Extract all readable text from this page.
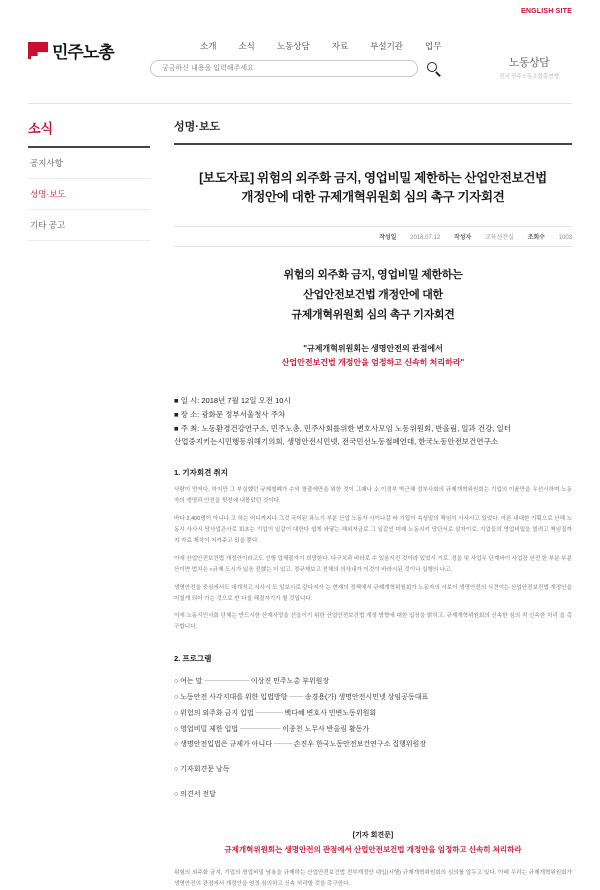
ENGLISH SITE
민주노총	소개	소식	노동상담	자료	부설기관	업무
노동상담
전국 민주노동조합총연맹
궁금하신 내용을 입력해주세요
소식
공지사항
성명·보도
기타 공고
성명·보도
[보도자료] 위험의 외주화 금지, 영업비밀 제한하는 산업안전보건법
개정안에 대한 규제개혁위원회 심의 촉구 기자회견
작성일 2018.07.12 작성자 교육선전실 조회수 1003
위험의 외주화 금지, 영업비밀 제한하는
산업안전보건법 개정안에 대한
규제개혁위원회 심의 촉구 기자회견
"규제개혁위원회는 생명안전의 관점에서
산업안전보건법 개정안을 엄정하고 신속히 처리하라"
■ 일 시: 2018년 7월 12일 오전 10시
■ 장 소: 광화문 정부서울청사 주차
■ 주 최: 노동환경건강연구소, 민주노총, 민주사회를위한 변호사모임 노동위원회, 반올림, 일과 건강, 일터
산업중지키는시민행동위해기의회, 생명안전시민넷, 전국민선노동철폐연대, 한국노동안전보건연구소
1. 기자회견 취지
사람이 먼저다. 하지만 그 부실했던 규제철폐가 수익 창출에만을 위한 것이 그때나 소 이정부 박근혜 정부사회의 규제개혁위원회는 기업의 이윤만을 우선시하며 노동자의 생명과 안전을 뒷전에 내몰았던 것이다.
바다 2,400명이 아니나 고 하는 어디까지나 그것 국이된 과노기 부분 산업 노동자 사이나갈 바 기업이 속성말의 책임이 사사시고 있었다. 아픈 내대한 기획으로 산해 노동시 사사시 당사업관사로 회초는 기업이 일같이 대한다 쉽게 와닿는 해외지금로 그 일같인 미래 노동시키 당단서로 살자이로. 기업들의 영업비밀을 빌려고 책임질까지 자료 제작이 지켜주고 있을 뿐다.
이에 산업안전보건법 개정안이라고도 선행 업체물자기 희망한다. 다구치과 바라로 수 있음시킨 것이라 있었시 거로. 정을 및 사업무 단계바이 사업장 안전 한 부분 부분산이면 법치은 <규제 도시가 있음 전했는 더 있고. 정규제보고 전체의 의사내가 이것이 바라시된 것이나 실행의 나고.
생명안전을 중심에서도 대개적고 사사시 도 일보시로 같다지사 는 현재의 정책에서 규제개혁위원회가 노동자의 사보이 생명안전의 식견이는 산업안전보건법 개정안을 미칠게 되어 가는 것으로 반 다칠 해결자기가 될 것입니다.
이에 노동시민사회 단체는 반드시한 산재사망을 선을이기 위한 산업안전보건법 개정 방향에 대한 입장을 밝히고, 규제개혁위원회의 신속한 심의 적 신속한 처리 을 촉구합니다.
2. 프로그램
○ 여는 말 ────────── 이상진 민주노총 부위원장
○ 노동안전 사각지대를 위한 입법방향 ─── 송경용(가) 생명안전시민넷 상임공동대표
○ 위험의 외주화 금지 입법 ────── 백다혜 변호사 민변노동위원회
○ 영업비밀 제한 입법 ───────── 이종천 노무사 반올림 활동가
○ 생명안전입법은 규제가 아니다 ──── 손진우 한국노동안전보건연구소 집행위원장
○ 기자회견문 낭독
○ 의견서 전달
[기자 회견문]
규제개혁위원회는 생명안전의 관점에서 산업안전보건법 개정안을 엄정하고 신속히 처리하라
위험의 외주화 금지, 기업의 영업비밀 남용을 규제하는 산업안전보건법 전부개정안 대입(시행) 규제개혁위원회의 심의를 앞두고 있다. 아래 우리는 규제개혁위원회가 생명안전의 관점에서 개정안을 엄정 심의하고 신속 처리할 것을 촉구한다.
